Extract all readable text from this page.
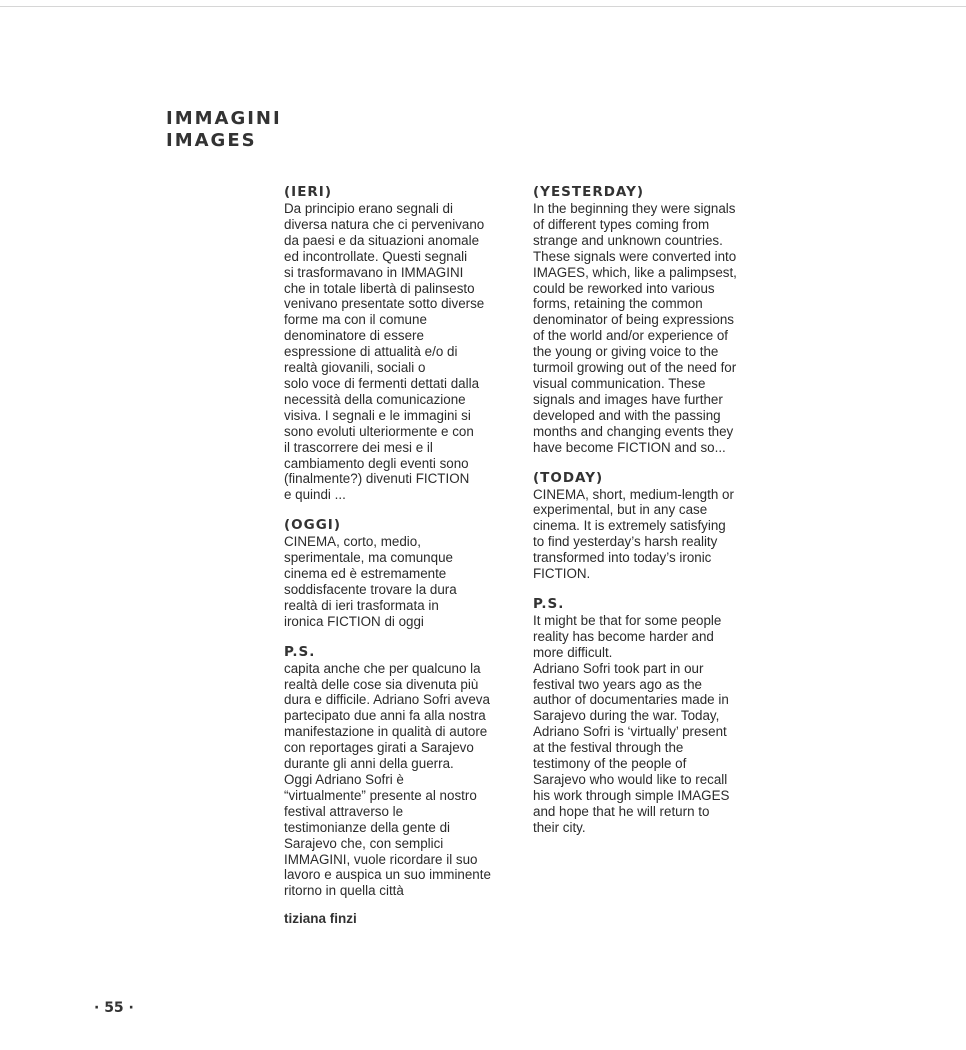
IMMAGINI
IMAGES
(IERI)
Da principio erano segnali di
diversa natura che ci pervenivano
da paesi e da situazioni anomale
ed incontrollate. Questi segnali
si trasformavano in IMMAGINI
che in totale libertà di palinsesto
venivano presentate sotto diverse
forme ma con il comune
denominatore di essere
espressione di attualità e/o di
realtà giovanili, sociali o
solo voce di fermenti dettati dalla
necessità della comunicazione
visiva. I segnali e le immagini si
sono evoluti ulteriormente e con
il trascorrere dei mesi e il
cambiamento degli eventi sono
(finalmente?) divenuti FICTION
e quindi ...
(OGGI)
CINEMA, corto, medio,
sperimentale, ma comunque
cinema ed è estremamente
soddisfacente trovare la dura
realtà di ieri trasformata in
ironica FICTION di oggi
P.S.
capita anche che per qualcuno la
realtà delle cose sia divenuta più
dura e difficile. Adriano Sofri aveva
partecipato due anni fa alla nostra
manifestazione in qualità di autore
con reportages girati a Sarajevo
durante gli anni della guerra.
Oggi Adriano Sofri è
“virtualmente” presente al nostro
festival attraverso le
testimonianze della gente di
Sarajevo che, con semplici
IMMAGINI, vuole ricordare il suo
lavoro e auspica un suo imminente
ritorno in quella città
tiziana finzi
(YESTERDAY)
In the beginning they were signals
of different types coming from
strange and unknown countries.
These signals were converted into
IMAGES, which, like a palimpsest,
could be reworked into various
forms, retaining the common
denominator of being expressions
of the world and/or experience of
the young or giving voice to the
turmoil growing out of the need for
visual communication. These
signals and images have further
developed and with the passing
months and changing events they
have become FICTION and so...
(TODAY)
CINEMA, short, medium-length or
experimental, but in any case
cinema. It is extremely satisfying
to find yesterday’s harsh reality
transformed into today’s ironic
FICTION.
P.S.
It might be that for some people
reality has become harder and
more difficult.
Adriano Sofri took part in our
festival two years ago as the
author of documentaries made in
Sarajevo during the war. Today,
Adriano Sofri is ‘virtually’ present
at the festival through the
testimony of the people of
Sarajevo who would like to recall
his work through simple IMAGES
and hope that he will return to
their city.
· 55 ·
